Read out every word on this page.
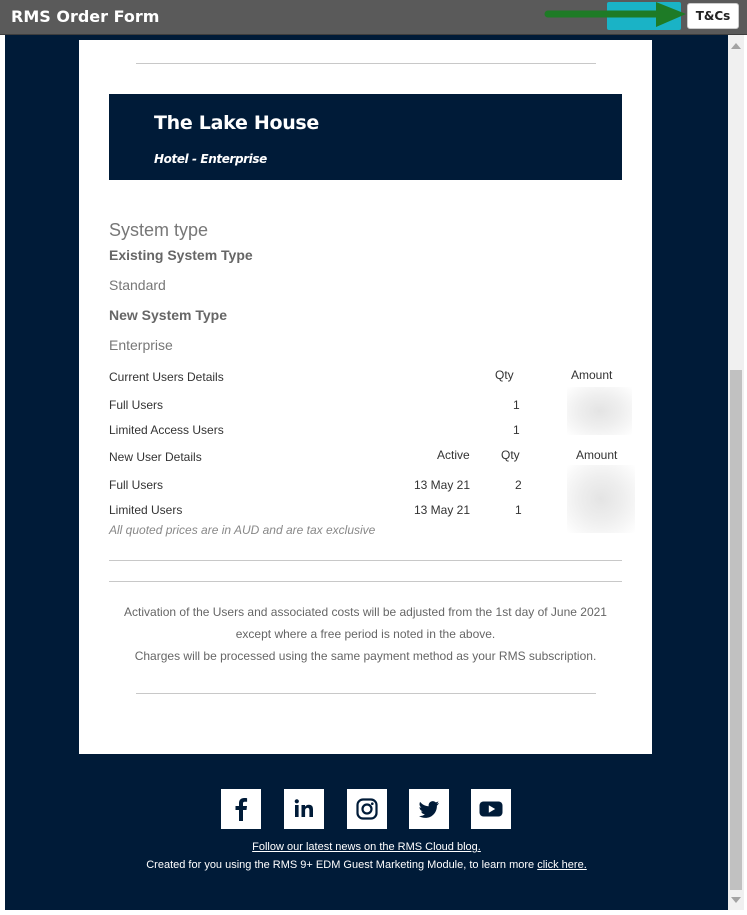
RMS Order Form	T&Cs
The Lake House
Hotel - Enterprise
System type
Existing System Type
Standard
New System Type
Enterprise
Current Users Details	Qty	Amount
Full Users	1
Limited Access Users	1
New User Details	Active	Qty	Amount
Full Users	13 May 21	2
Limited Users	13 May 21	1
All quoted prices are in AUD and are tax exclusive
Activation of the Users and associated costs will be adjusted from the 1st day of June 2021
except where a free period is noted in the above.
Charges will be processed using the same payment method as your RMS subscription.
Follow our latest news on the RMS Cloud blog.
Created for you using the RMS 9+ EDM Guest Marketing Module, to learn more click here.
